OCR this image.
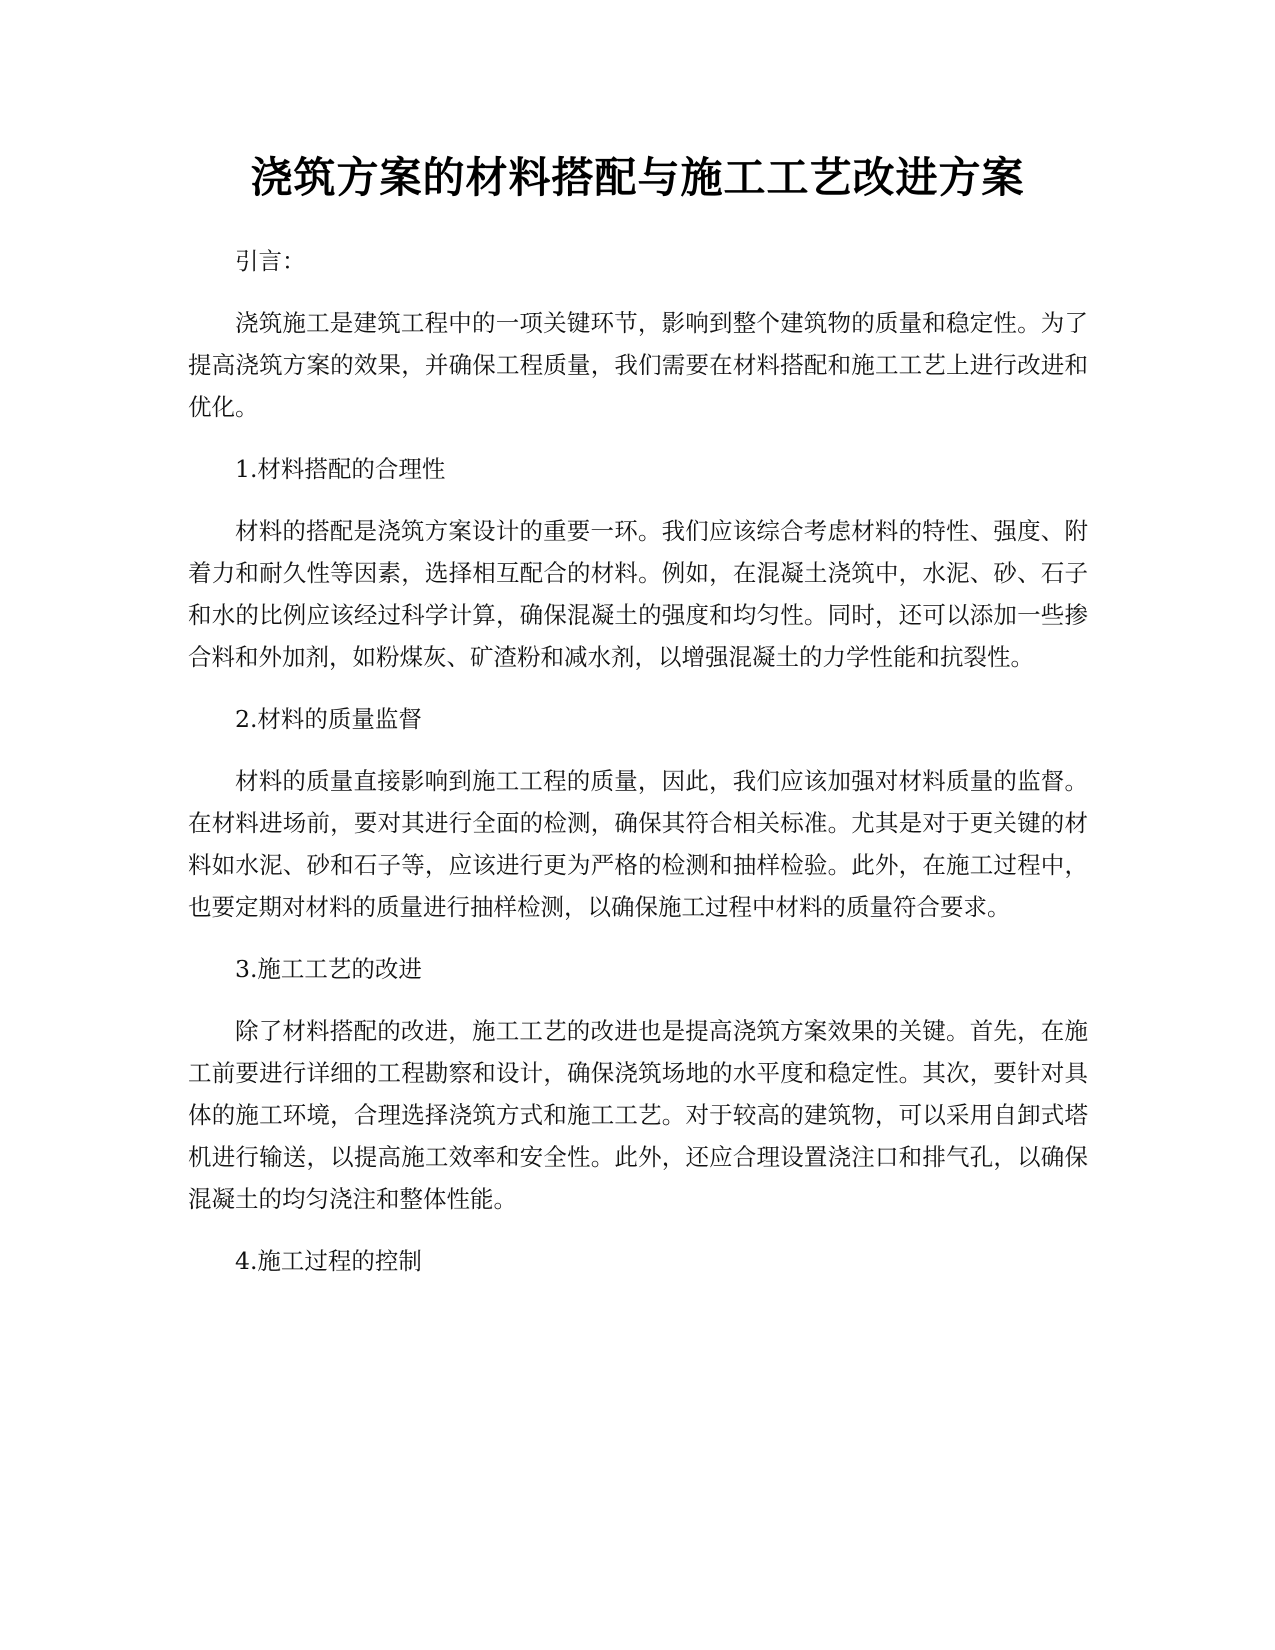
浇筑方案的材料搭配与施工工艺改进方案

引言：

浇筑施工是建筑工程中的一项关键环节，影响到整个建筑物的质量和稳定性。为了提高浇筑方案的效果，并确保工程质量，我们需要在材料搭配和施工工艺上进行改进和优化。

1.材料搭配的合理性

材料的搭配是浇筑方案设计的重要一环。我们应该综合考虑材料的特性、强度、附着力和耐久性等因素，选择相互配合的材料。例如，在混凝土浇筑中，水泥、砂、石子和水的比例应该经过科学计算，确保混凝土的强度和均匀性。同时，还可以添加一些掺合料和外加剂，如粉煤灰、矿渣粉和减水剂，以增强混凝土的力学性能和抗裂性。

2.材料的质量监督

材料的质量直接影响到施工工程的质量，因此，我们应该加强对材料质量的监督。在材料进场前，要对其进行全面的检测，确保其符合相关标准。尤其是对于更关键的材料如水泥、砂和石子等，应该进行更为严格的检测和抽样检验。此外，在施工过程中，也要定期对材料的质量进行抽样检测，以确保施工过程中材料的质量符合要求。

3.施工工艺的改进

除了材料搭配的改进，施工工艺的改进也是提高浇筑方案效果的关键。首先，在施工前要进行详细的工程勘察和设计，确保浇筑场地的水平度和稳定性。其次，要针对具体的施工环境，合理选择浇筑方式和施工工艺。对于较高的建筑物，可以采用自卸式塔机进行输送，以提高施工效率和安全性。此外，还应合理设置浇注口和排气孔，以确保混凝土的均匀浇注和整体性能。

4.施工过程的控制
